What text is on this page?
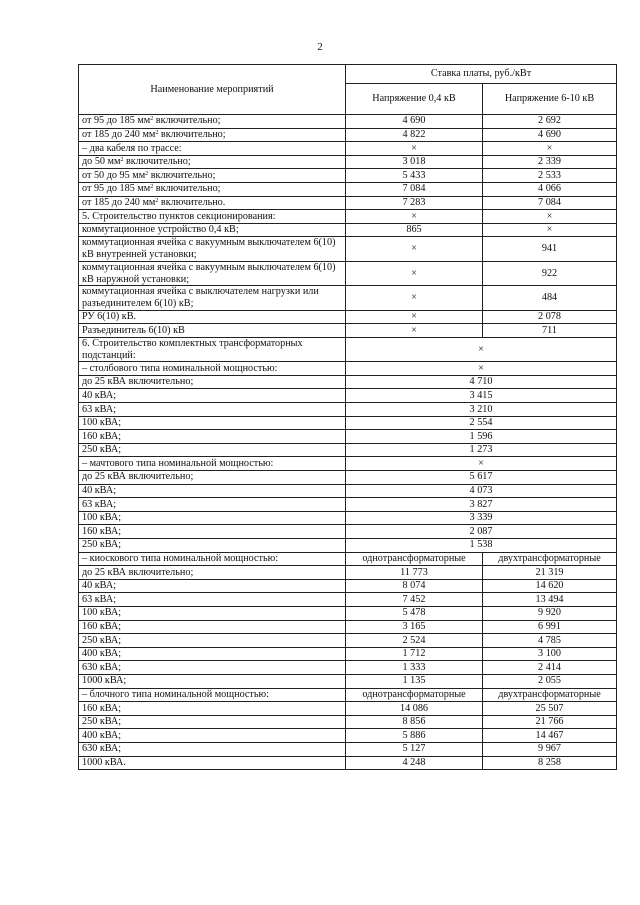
2
Наименование мероприятий	Ставка платы, руб./кВт	
	Напряжение 0,4 кВ	Напряжение 6-10 кВ
от 95 до 185 $мм^2$ включительно;	4 690	2 692
от 185 до 240 $мм^2$ включительно;	4 822	4 690
– два кабеля по трассе:	×	×
до 50 $мм^2$ включительно;	3 018	2 339
от 50 до 95 $мм^2$ включительно;	5 433	2 533
от 95 до 185 $мм^2$ включительно;	7 084	4 066
от 185 до 240 $мм^2$ включительно.	7 283	7 084
5. Строительство пунктов секционирования:	×	×
коммутационное устройство 0,4 кВ;	865	×
коммутационная ячейка с вакуумным выключателем 6(10) кВ внутренней установки;	×	941
коммутационная ячейка с вакуумным выключателем 6(10) кВ наружной установки;	×	922
коммутационная ячейка с выключателем нагрузки или разъединителем 6(10) кВ;	×	484
РУ 6(10) кВ.	×	2 078
Разъединитель 6(10) кВ	×	711
6. Строительство комплектных трансформаторных подстанций:	×	
– столбового типа номинальной мощностью:	×	
до 25 кВА включительно;	4 710	
40 кВА;	3 415	
63 кВА;	3 210	
100 кВА;	2 554	
160 кВА;	1 596	
250 кВА;	1 273	
– мачтового типа номинальной мощностью:	×	
до 25 кВА включительно;	5 617	
40 кВА;	4 073	
63 кВА;	3 827	
100 кВА;	3 339	
160 кВА;	2 087	
250 кВА;	1 538	
– киоскового типа номинальной мощностью:	однотрансформаторные	двухтрансформаторные
до 25 кВА включительно;	11 773	21 319
40 кВА;	8 074	14 620
63 кВА;	7 452	13 494
100 кВА;	5 478	9 920
160 кВА;	3 165	6 991
250 кВА;	2 524	4 785
400 кВА;	1 712	3 100
630 кВА;	1 333	2 414
1000 кВА;	1 135	2 055
– блочного типа номинальной мощностью:	однотрансформаторные	двухтрансформаторные
160 кВА;	14 086	25 507
250 кВА;	8 856	21 766
400 кВА;	5 886	14 467
630 кВА;	5 127	9 967
1000 кВА.	4 248	8 258
